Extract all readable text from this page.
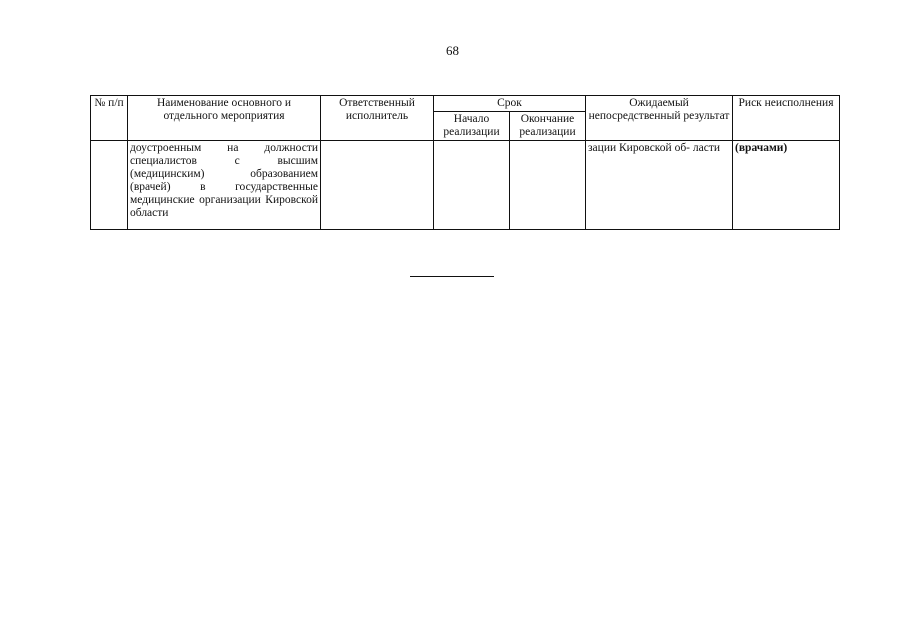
68
№ п/п	Наименование основного и отдельного мероприятия	Ответственный исполнитель	Срок		Ожидаемый непосредственный результат	Риск неисполнения
			Начало реализации	Окончание реализации		
	доустроенным на должности специалистов с высшим (медицинским) образованием (врачей) в государственные медицинские организации Кировской области				зации Кировской об- ласти	(врачами)
